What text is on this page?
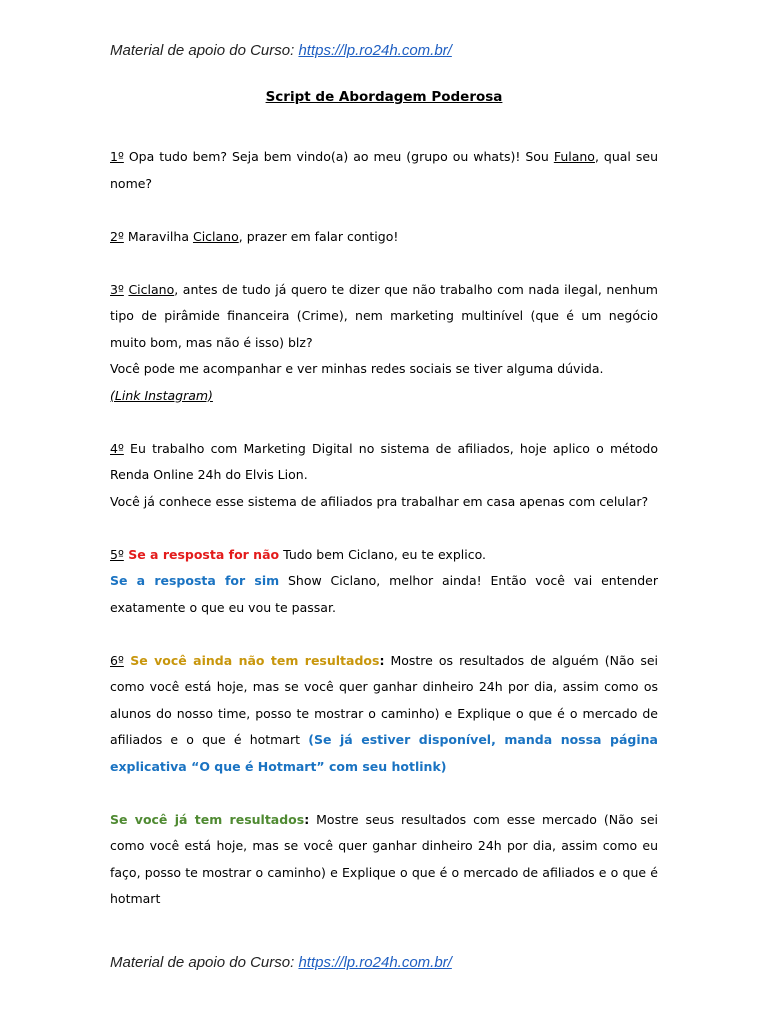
Material de apoio do Curso: https://lp.ro24h.com.br/
Script de Abordagem Poderosa

1º Opa tudo bem? Seja bem vindo(a) ao meu (grupo ou whats)! Sou Fulano, qual seu nome?

2º Maravilha Ciclano, prazer em falar contigo!

3º Ciclano, antes de tudo já quero te dizer que não trabalho com nada ilegal, nenhum tipo de pirâmide financeira (Crime), nem marketing multinível (que é um negócio muito bom, mas não é isso) blz?

Você pode me acompanhar e ver minhas redes sociais se tiver alguma dúvida.

(Link Instagram)

4º Eu trabalho com Marketing Digital no sistema de afiliados, hoje aplico o método Renda Online 24h do Elvis Lion.

Você já conhece esse sistema de afiliados pra trabalhar em casa apenas com celular?

5º Se a resposta for não Tudo bem Ciclano, eu te explico.

Se a resposta for sim Show Ciclano, melhor ainda! Então você vai entender exatamente o que eu vou te passar.

6º Se você ainda não tem resultados: Mostre os resultados de alguém (Não sei como você está hoje, mas se você quer ganhar dinheiro 24h por dia, assim como os alunos do nosso time, posso te mostrar o caminho) e Explique o que é o mercado de afiliados e o que é hotmart (Se já estiver disponível, manda nossa página explicativa “O que é Hotmart” com seu hotlink)

Se você já tem resultados: Mostre seus resultados com esse mercado (Não sei como você está hoje, mas se você quer ganhar dinheiro 24h por dia, assim como eu faço, posso te mostrar o caminho) e Explique o que é o mercado de afiliados e o que é hotmart

Material de apoio do Curso: https://lp.ro24h.com.br/
